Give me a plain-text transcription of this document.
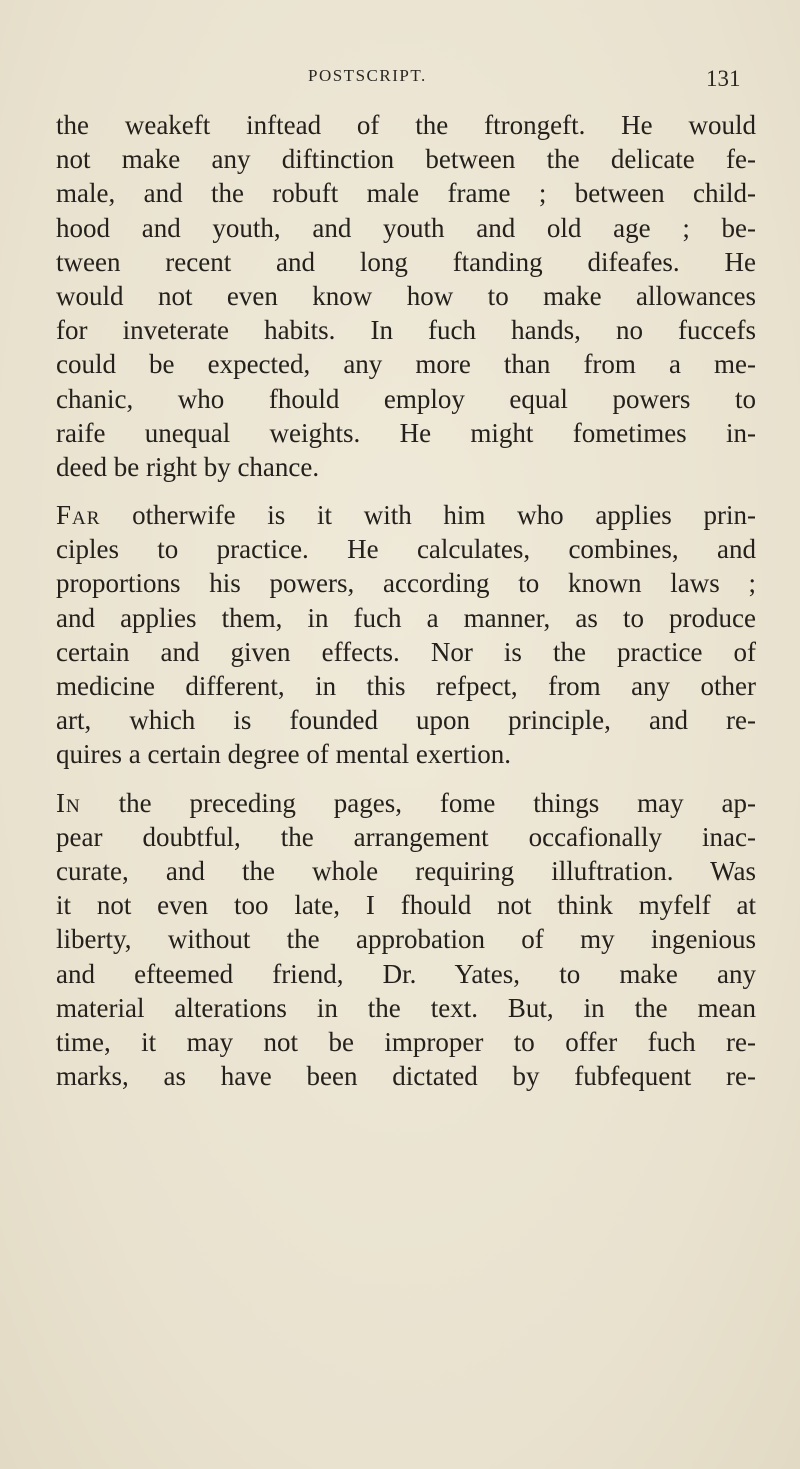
POSTSCRIPT.	131
the weakeft inftead of the ftrongeft. He would
not make any diftinction between the delicate fe-
male, and the robuft male frame ; between child-
hood and youth, and youth and old age ; be-
tween recent and long ftanding difeafes. He
would not even know how to make allowances
for inveterate habits. In fuch hands, no fuccefs
could be expected, any more than from a me-
chanic, who fhould employ equal powers to
raife unequal weights. He might fometimes in-
deed be right by chance.
Far otherwife is it with him who applies prin-
ciples to practice. He calculates, combines, and
proportions his powers, according to known laws ;
and applies them, in fuch a manner, as to produce
certain and given effects. Nor is the practice of
medicine different, in this refpect, from any other
art, which is founded upon principle, and re-
quires a certain degree of mental exertion.
In the preceding pages, fome things may ap-
pear doubtful, the arrangement occafionally inac-
curate, and the whole requiring illuftration. Was
it not even too late, I fhould not think myfelf at
liberty, without the approbation of my ingenious
and efteemed friend, Dr. Yates, to make any
material alterations in the text. But, in the mean
time, it may not be improper to offer fuch re-
marks, as have been dictated by fubfequent re-
